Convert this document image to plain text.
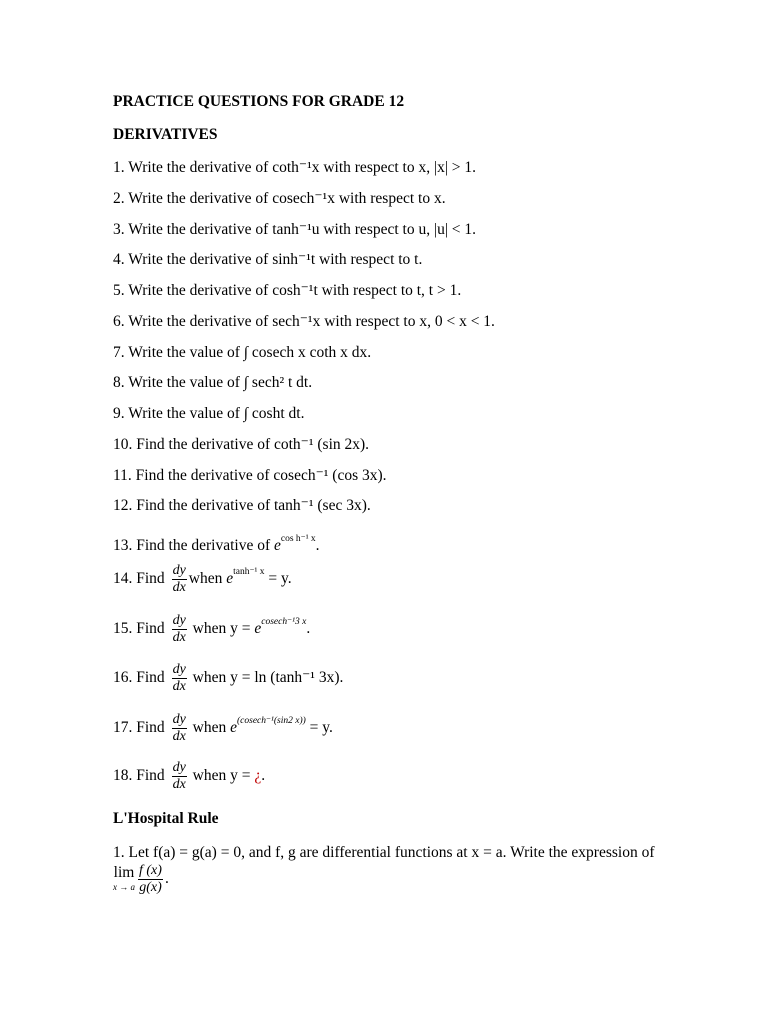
PRACTICE QUESTIONS FOR GRADE 12
DERIVATIVES
1. Write the derivative of coth⁻¹x with respect to x, |x| > 1.
2. Write the derivative of cosech⁻¹x with respect to x.
3. Write the derivative of tanh⁻¹u with respect to u, |u| < 1.
4. Write the derivative of sinh⁻¹t with respect to t.
5. Write the derivative of cosh⁻¹t with respect to t, t > 1.
6. Write the derivative of sech⁻¹x with respect to x, 0 < x < 1.
7. Write the value of ∫ cosech x coth x dx.
8. Write the value of ∫ sech² t dt.
9. Write the value of ∫ cosht dt.
10. Find the derivative of coth⁻¹ (sin 2x).
11. Find the derivative of cosech⁻¹ (cos 3x).
12. Find the derivative of tanh⁻¹ (sec 3x).
13. Find the derivative of $e^{cos h^{-1} x}$.
14. Find $\frac{dy}{dx}$ when $e^{tanh^{-1} x} = y$.
15. Find $\frac{dy}{dx}$ when $y = e^{cosech^{-1}3 x}$.
16. Find $\frac{dy}{dx}$ when y = ln (tanh⁻¹ 3x).
17. Find $\frac{dy}{dx}$ when $e^{(cosech^{-1}(sin2 x))} = y$.
18. Find $\frac{dy}{dx}$ when y = ¿.
L'Hospital Rule
1. Let f(a) = g(a) = 0, and f, g are differential functions at x = a. Write the expression of
lim
x → a $\frac{f (x)}{g(x)}$ .
